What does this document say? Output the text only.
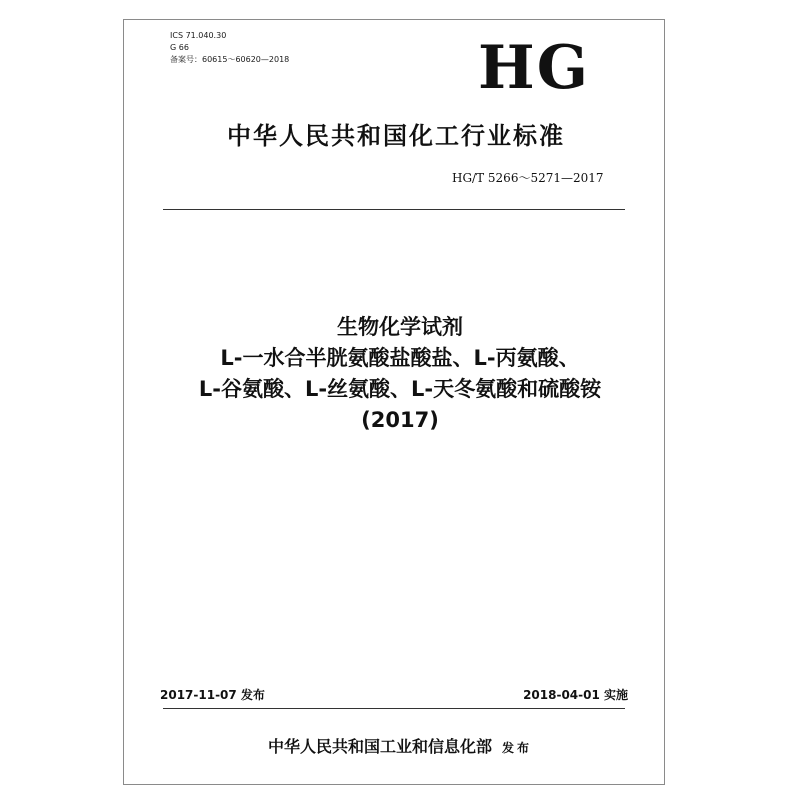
ICS 71.040.30
G 66
备案号：60615～60620—2018	HG
中华人民共和国化工行业标准
HG/T 5266～5271—2017
生物化学试剂
L-一水合半胱氨酸盐酸盐、L-丙氨酸、
L-谷氨酸、L-丝氨酸、L-天冬氨酸和硫酸铵
(2017)
2017-11-07 发布	2018-04-01 实施
中华人民共和国工业和信息化部 发布
